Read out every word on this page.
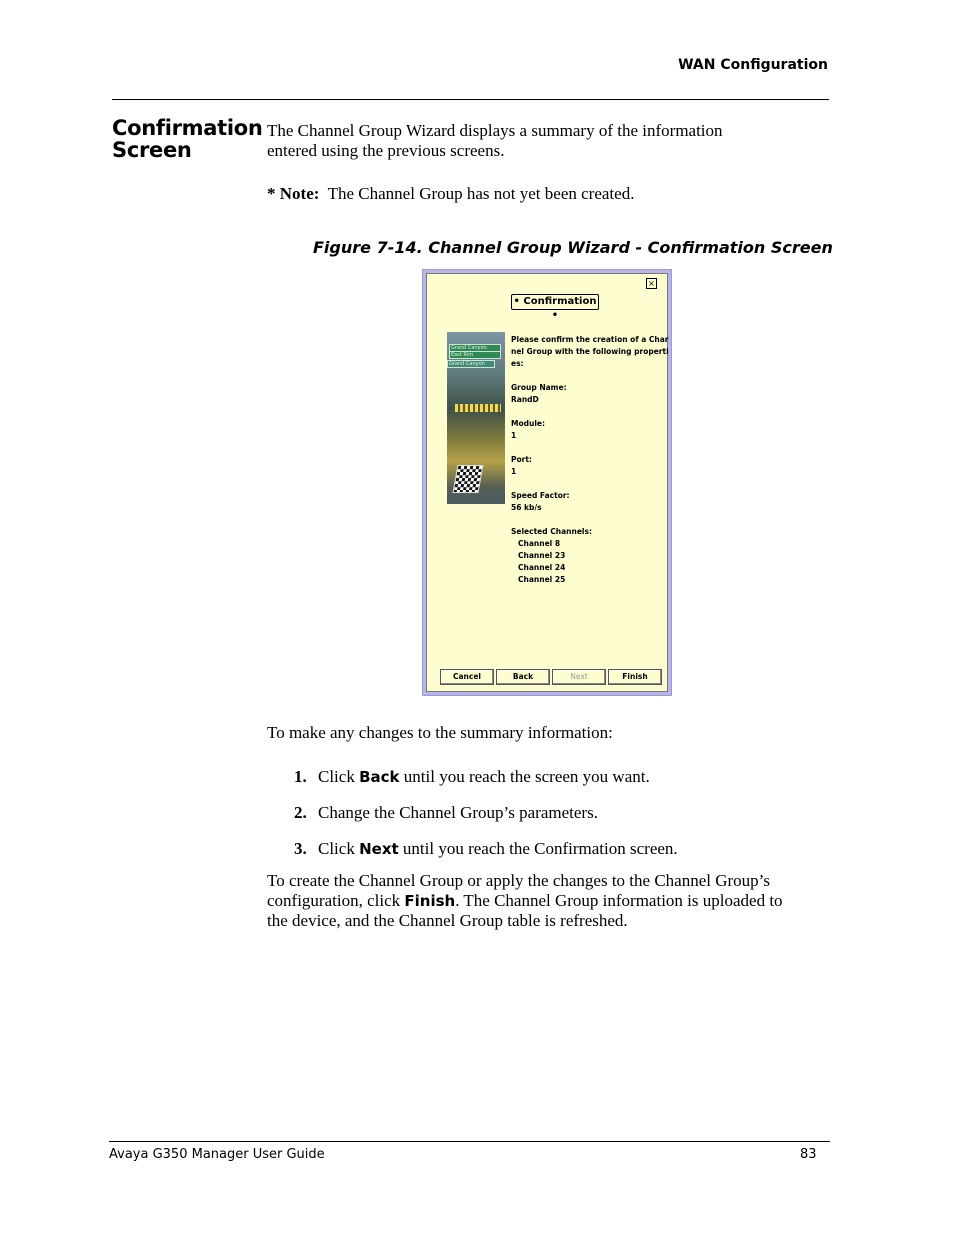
WAN Configuration
Confirmation
Screen
The Channel Group Wizard displays a summary of the information
entered using the previous screens.
* Note: The Channel Group has not yet been created.
Figure 7-14. Channel Group Wizard - Confirmation Screen
×
• Confirmation •
Grand Canyon
East Rim
Grand Canyon
Please confirm the creation of a Char
nel Group with the following properti
es:
Group Name:
RandD
Module:
1
Port:
1
Speed Factor:
56 kb/s
Selected Channels:
Channel 8
Channel 23
Channel 24
Channel 25
Cancel	Back	Next	Finish
To make any changes to the summary information:
1. Click Back until you reach the screen you want.
2. Change the Channel Group’s parameters.
3. Click Next until you reach the Confirmation screen.
To create the Channel Group or apply the changes to the Channel Group’s
configuration, click Finish. The Channel Group information is uploaded to
the device, and the Channel Group table is refreshed.
Avaya G350 Manager User Guide	83
